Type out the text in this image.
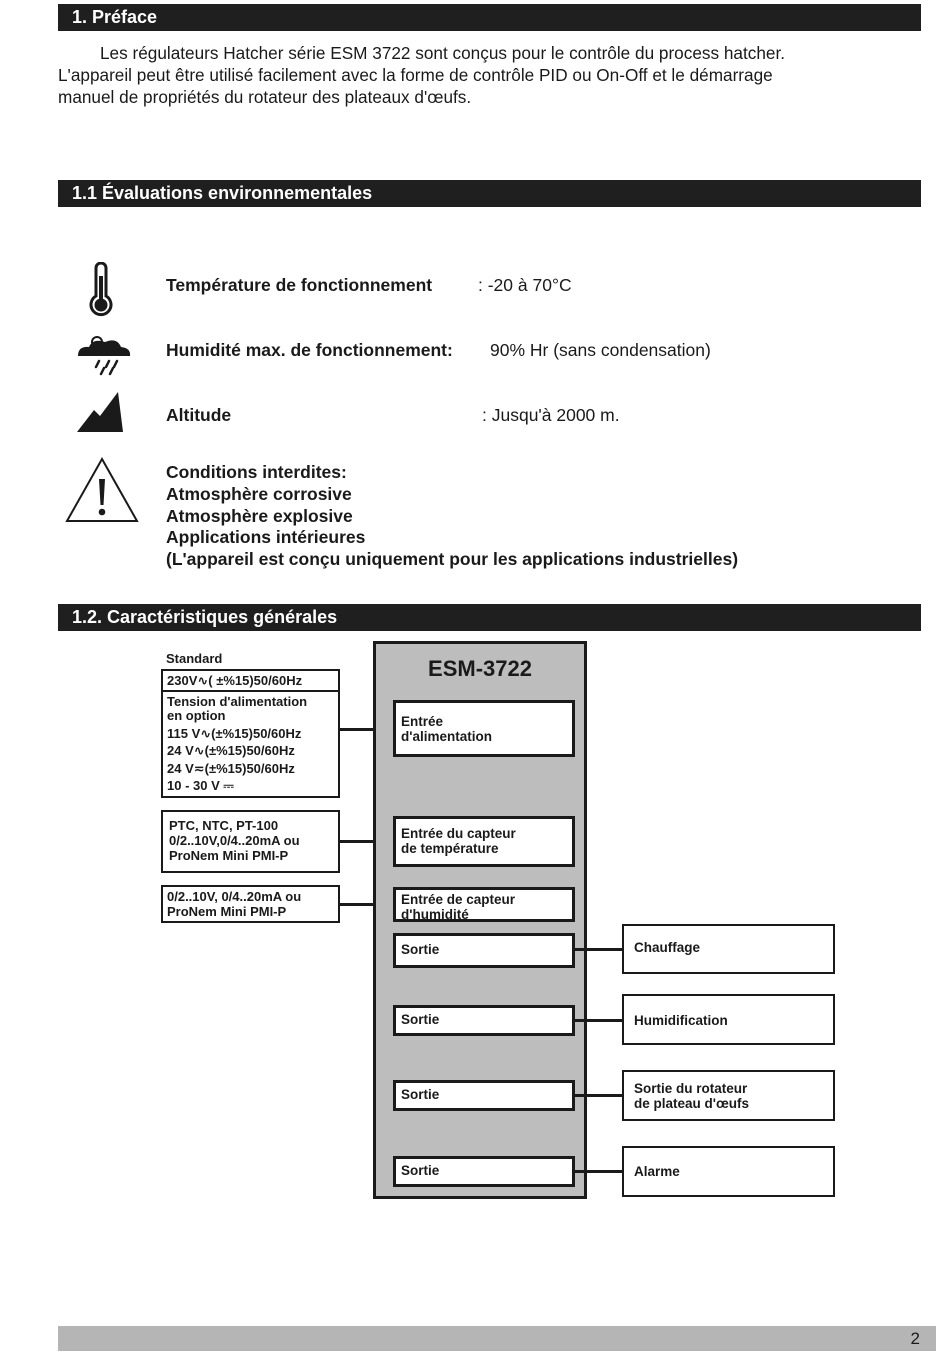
1. Préface
Les régulateurs Hatcher série ESM 3722 sont conçus pour le contrôle du process hatcher.
L'appareil peut être utilisé facilement avec la forme de contrôle PID ou On-Off et le démarrage
manuel de propriétés du rotateur des plateaux d'œufs.
1.1 Évaluations environnementales
Température de fonctionnement	: -20 à 70°C
Humidité max. de fonctionnement: 90% Hr (sans condensation)
Altitude	: Jusqu'à 2000 m.
Conditions interdites:
Atmosphère corrosive
Atmosphère explosive
Applications intérieures
(L'appareil est conçu uniquement pour les applications industrielles)
1.2. Caractéristiques générales
Standard
230V∿( ±%15)50/60Hz
Tension d'alimentation
en option
115 V∿(±%15)50/60Hz
24 V∿(±%15)50/60Hz
24 V≂(±%15)50/60Hz
10 - 30 V ⎓
PTC, NTC, PT-100
0/2..10V,0/4..20mA ou
ProNem Mini PMI-P
0/2..10V, 0/4..20mA ou
ProNem Mini PMI-P
ESM-3722
Entrée
d'alimentation
Entrée du capteur
de température
Entrée de capteur
d'humidité
Sortie
Sortie
Sortie
Sortie
Chauffage
Humidification
Sortie du rotateur
de plateau d'œufs
Alarme
2
